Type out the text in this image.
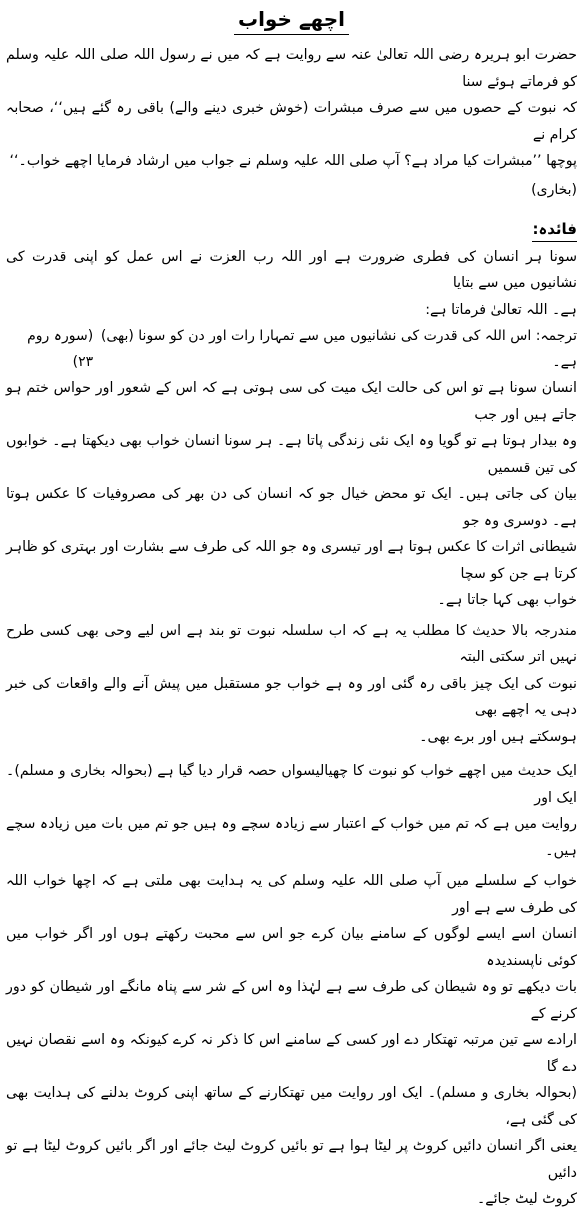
اچھے خواب

حضرت ابو ہریرہ رضی اللہ تعالیٰ عنہ سے روایت ہے کہ میں نے رسول اللہ صلی اللہ علیہ وسلم کو فرماتے ہوئے سنا

کہ نبوت کے حصوں میں سے صرف مبشرات (خوش خبری دینے والے) باقی رہ گئے ہیں‘‘، صحابہ کرام نے

پوچھا ’’مبشرات کیا مراد ہے؟ آپ صلی اللہ علیہ وسلم نے جواب میں ارشاد فرمایا اچھے خواب۔‘‘

(بخاری)
فائدہ:

سونا ہر انسان کی فطری ضرورت ہے اور اللہ رب العزت نے اس عمل کو اپنی قدرت کی نشانیوں میں سے بتایا

ہے۔ اللہ تعالیٰ فرماتا ہے:

ترجمہ: اس اللہ کی قدرت کی نشانیوں میں سے تمہارا رات اور دن کو سونا (بھی) ہے۔
(سورہ روم ۲۳)

انسان سونا ہے تو اس کی حالت ایک میت کی سی ہوتی ہے کہ اس کے شعور اور حواس ختم ہو جاتے ہیں اور جب

وہ بیدار ہوتا ہے تو گویا وہ ایک نئی زندگی پاتا ہے۔ ہر سونا انسان خواب بھی دیکھتا ہے۔ خوابوں کی تین قسمیں

بیان کی جاتی ہیں۔ ایک تو محض خیال جو کہ انسان کی دن بھر کی مصروفیات کا عکس ہوتا ہے۔ دوسری وہ جو

شیطانی اثرات کا عکس ہوتا ہے اور تیسری وہ جو اللہ کی طرف سے بشارت اور بہتری کو ظاہر کرتا ہے جن کو سچا

خواب بھی کہا جاتا ہے۔

مندرجہ بالا حدیث کا مطلب یہ ہے کہ اب سلسلہ نبوت تو بند ہے اس لیے وحی بھی کسی طرح نہیں اتر سکتی البتہ

نبوت کی ایک چیز باقی رہ گئی اور وہ ہے خواب جو مستقبل میں پیش آنے والے واقعات کی خبر دہی یہ اچھے بھی

ہوسکتے ہیں اور برے بھی۔

ایک حدیث میں اچھے خواب کو نبوت کا چھیالیسواں حصہ قرار دیا گیا ہے (بحوالہ بخاری و مسلم)۔ ایک اور

روایت میں ہے کہ تم میں خواب کے اعتبار سے زیادہ سچے وہ ہیں جو تم میں بات میں زیادہ سچے ہیں۔

خواب کے سلسلے میں آپ صلی اللہ علیہ وسلم کی یہ ہدایت بھی ملتی ہے کہ اچھا خواب اللہ کی طرف سے ہے اور

انسان اسے ایسے لوگوں کے سامنے بیان کرے جو اس سے محبت رکھتے ہوں اور اگر خواب میں کوئی ناپسندیدہ

بات دیکھے تو وہ شیطان کی طرف سے ہے لہٰذا وہ اس کے شر سے پناہ مانگے اور شیطان کو دور کرنے کے

ارادے سے تین مرتبہ تھتکار دے اور کسی کے سامنے اس کا ذکر نہ کرے کیونکہ وہ اسے نقصان نہیں دے گا

(بحوالہ بخاری و مسلم)۔ ایک اور روایت میں تھتکارنے کے ساتھ اپنی کروٹ بدلنے کی ہدایت بھی کی گئی ہے،

یعنی اگر انسان دائیں کروٹ پر لیٹا ہوا ہے تو بائیں کروٹ لیٹ جائے اور اگر بائیں کروٹ لیٹا ہے تو دائیں

کروٹ لیٹ جائے۔
